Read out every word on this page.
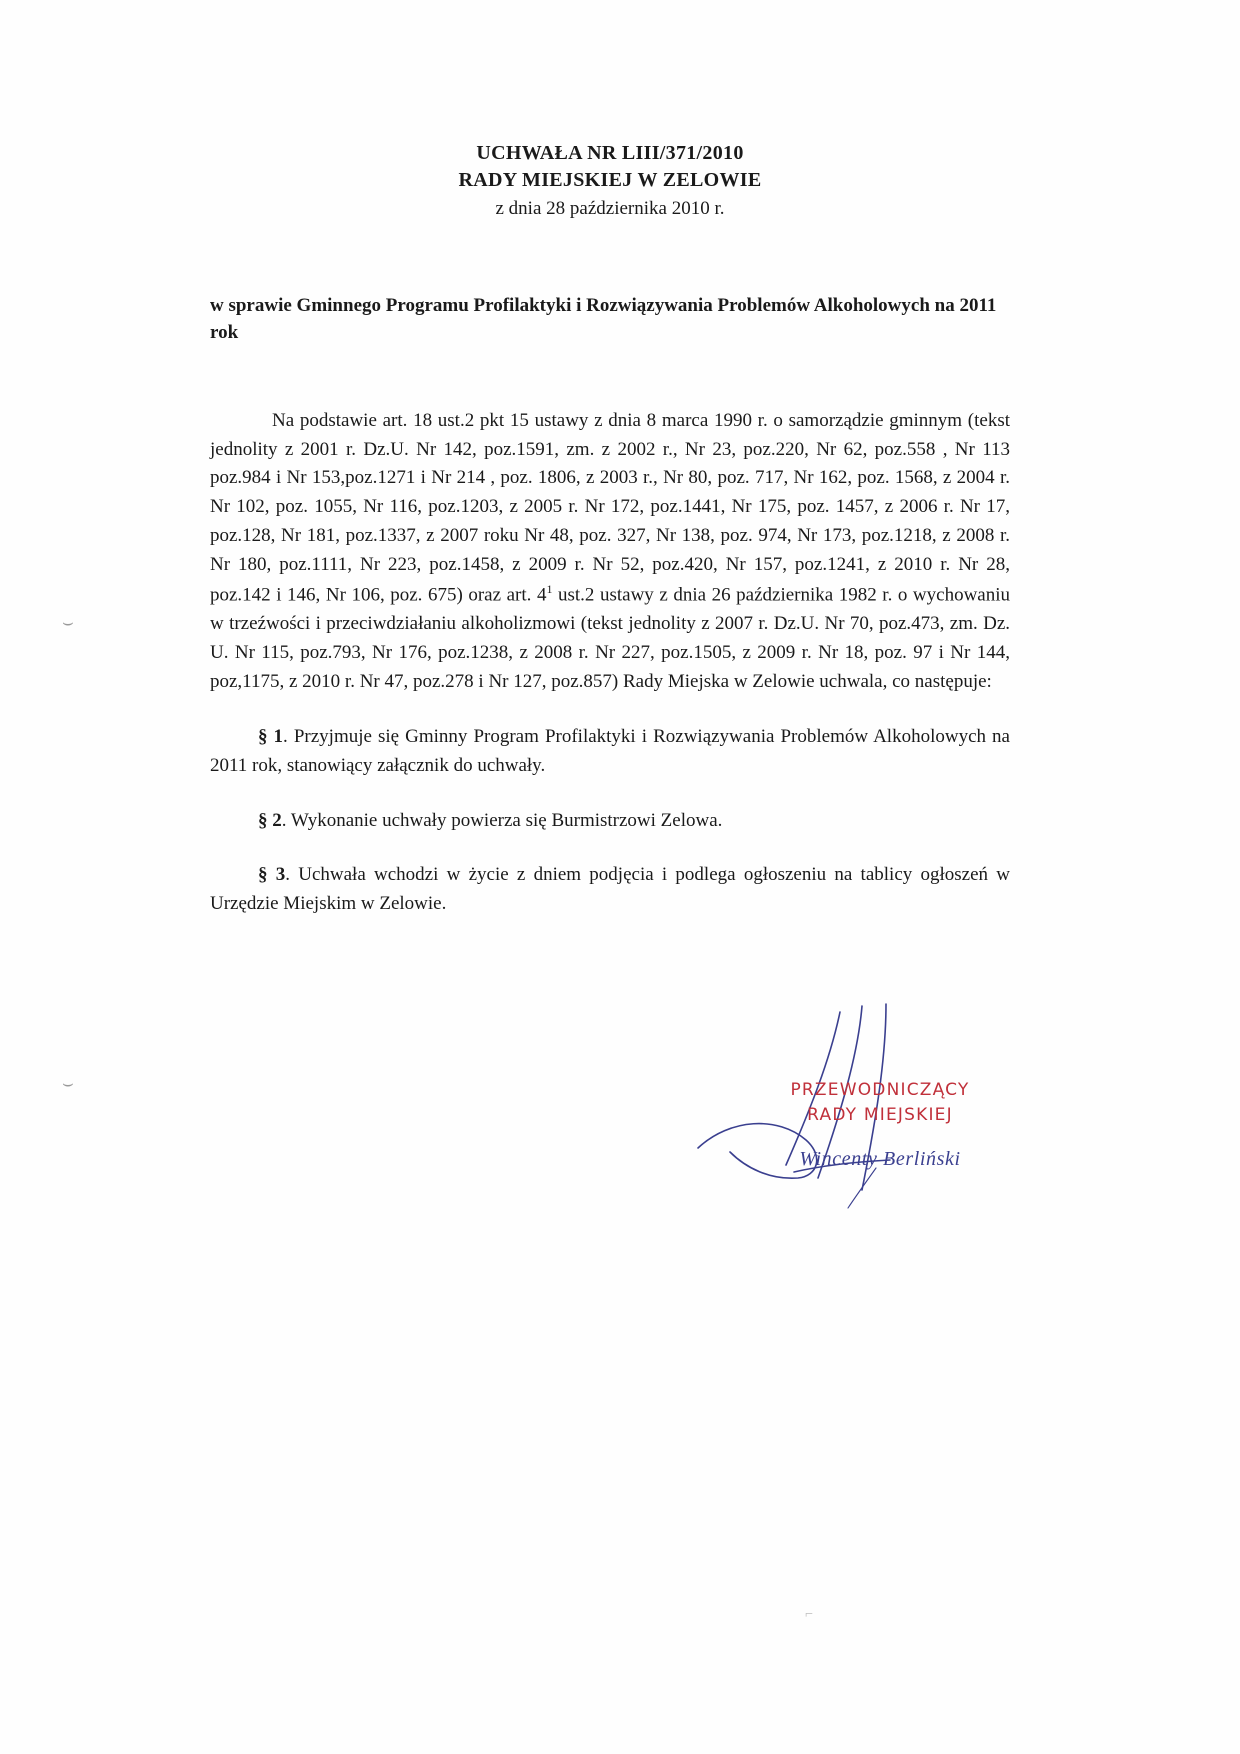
UCHWAŁA NR LIII/371/2010
RADY MIEJSKIEJ W ZELOWIE
z dnia 28 października 2010 r.
w sprawie Gminnego Programu Profilaktyki i Rozwiązywania Problemów Alkoholowych na 2011 rok
Na podstawie art. 18 ust.2 pkt 15 ustawy z dnia 8 marca 1990 r. o samorządzie gminnym (tekst jednolity z 2001 r. Dz.U. Nr 142, poz.1591, zm. z 2002 r., Nr 23, poz.220, Nr 62, poz.558 , Nr 113 poz.984 i Nr 153,poz.1271 i Nr 214 , poz. 1806, z 2003 r., Nr 80, poz. 717, Nr 162, poz. 1568, z 2004 r. Nr 102, poz. 1055, Nr 116, poz.1203, z 2005 r. Nr 172, poz.1441, Nr 175, poz. 1457, z 2006 r. Nr 17, poz.128, Nr 181, poz.1337, z 2007 roku Nr 48, poz. 327, Nr 138, poz. 974, Nr 173, poz.1218, z 2008 r. Nr 180, poz.1111, Nr 223, poz.1458, z 2009 r. Nr 52, poz.420, Nr 157, poz.1241, z 2010 r. Nr 28, poz.142 i 146, Nr 106, poz. 675) oraz art. $4^1$ ust.2 ustawy z dnia 26 października 1982 r. o wychowaniu w trzeźwości i przeciwdziałaniu alkoholizmowi (tekst jednolity z 2007 r. Dz.U. Nr 70, poz.473, zm. Dz. U. Nr 115, poz.793, Nr 176, poz.1238, z 2008 r. Nr 227, poz.1505, z 2009 r. Nr 18, poz. 97 i Nr 144, poz,1175, z 2010 r. Nr 47, poz.278 i Nr 127, poz.857) Rady Miejska w Zelowie uchwala, co następuje:
§ 1. Przyjmuje się Gminny Program Profilaktyki i Rozwiązywania Problemów Alkoholowych na 2011 rok, stanowiący załącznik do uchwały.
§ 2. Wykonanie uchwały powierza się Burmistrzowi Zelowa.
§ 3. Uchwała wchodzi w życie z dniem podjęcia i podlega ogłoszeniu na tablicy ogłoszeń w Urzędzie Miejskim w Zelowie.
PRZEWODNICZĄCY
RADY MIEJSKIEJ
Wincenty Berliński
⌣
⌣
⌐
